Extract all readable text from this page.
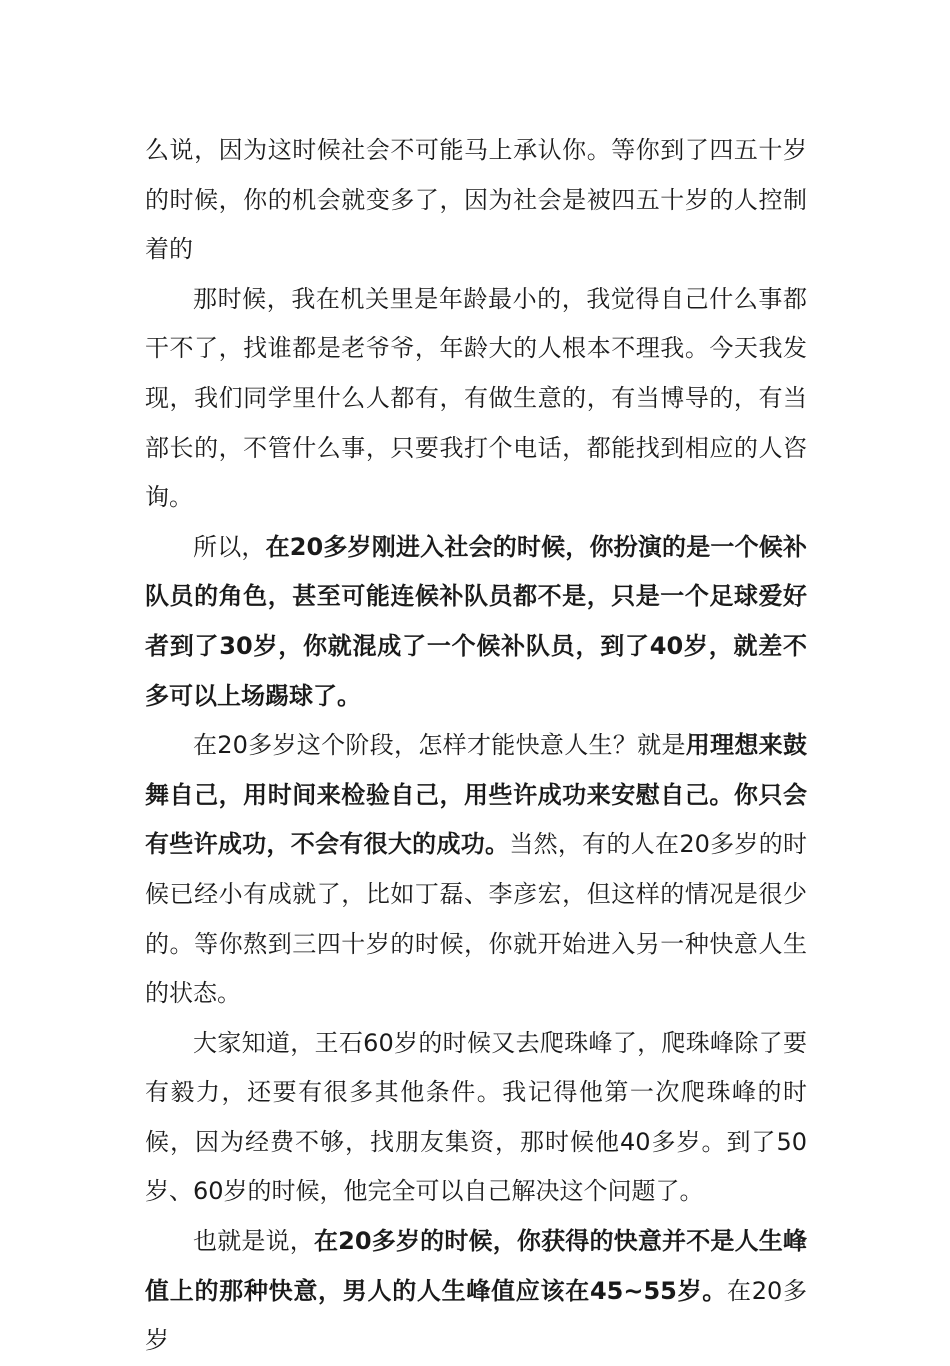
么说，因为这时候社会不可能马上承认你。等你到了四五十岁的时候，你的机会就变多了，因为社会是被四五十岁的人控制着的

那时候，我在机关里是年龄最小的，我觉得自己什么事都干不了，找谁都是老爷爷，年龄大的人根本不理我。今天我发现，我们同学里什么人都有，有做生意的，有当博导的，有当部长的，不管什么事，只要我打个电话，都能找到相应的人咨询。

所以，在20多岁刚进入社会的时候，你扮演的是一个候补队员的角色，甚至可能连候补队员都不是，只是一个足球爱好者到了30岁，你就混成了一个候补队员，到了40岁，就差不多可以上场踢球了。

在20多岁这个阶段，怎样才能快意人生？就是用理想来鼓舞自己，用时间来检验自己，用些许成功来安慰自己。你只会有些许成功，不会有很大的成功。当然，有的人在20多岁的时候已经小有成就了，比如丁磊、李彦宏，但这样的情况是很少的。等你熬到三四十岁的时候，你就开始进入另一种快意人生的状态。

大家知道，王石60岁的时候又去爬珠峰了，爬珠峰除了要有毅力，还要有很多其他条件。我记得他第一次爬珠峰的时候，因为经费不够，找朋友集资，那时候他40多岁。到了50岁、60岁的时候，他完全可以自己解决这个问题了。

也就是说，在20多岁的时候，你获得的快意并不是人生峰值上的那种快意，男人的人生峰值应该在45~55岁。在20多岁
